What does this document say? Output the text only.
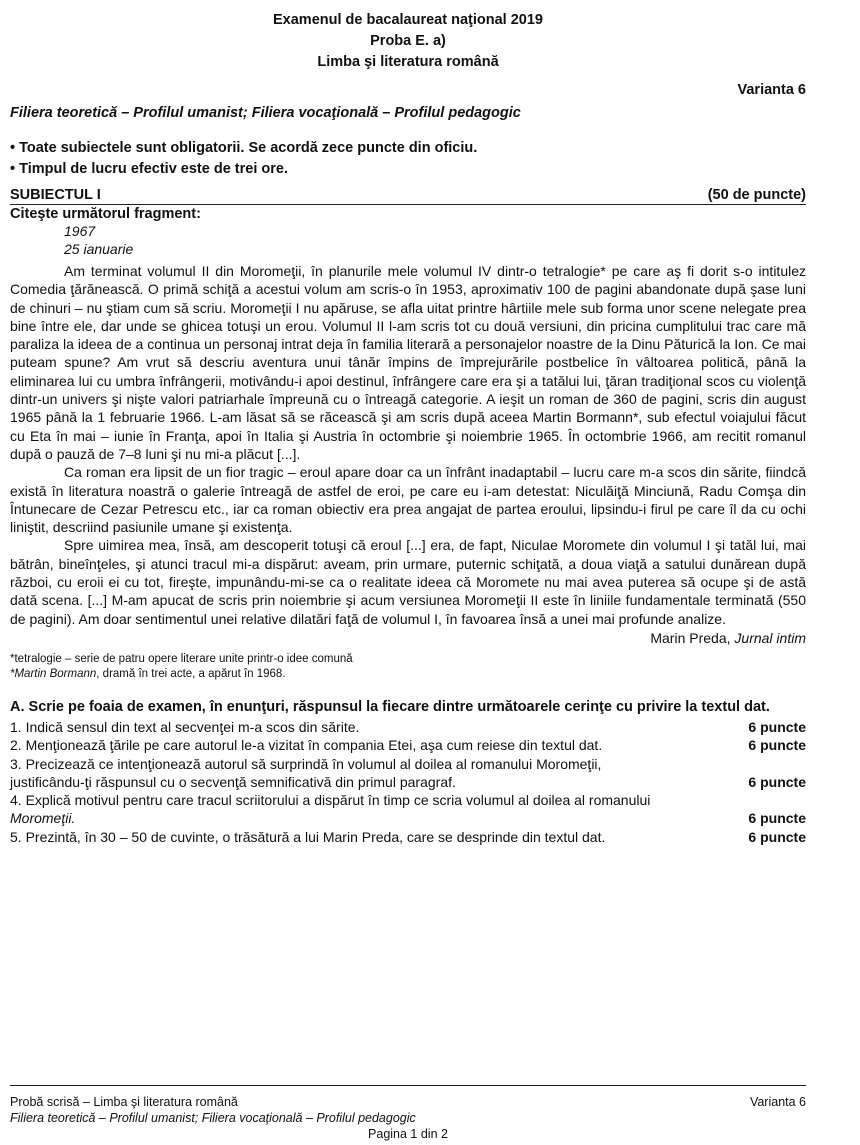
Examenul de bacalaureat naţional 2019
Proba E. a)
Limba şi literatura română
Varianta 6
Filiera teoretică – Profilul umanist; Filiera vocaţională – Profilul pedagogic
• Toate subiectele sunt obligatorii. Se acordă zece puncte din oficiu.
• Timpul de lucru efectiv este de trei ore.
SUBIECTUL I	(50 de puncte)
Citeşte următorul fragment:
1967
25 ianuarie

Am terminat volumul II din Moromeţii, în planurile mele volumul IV dintr-o tetralogie* pe care aş fi dorit s-o intitulez Comedia ţărănească. O primă schiţă a acestui volum am scris-o în 1953, aproximativ 100 de pagini abandonate după şase luni de chinuri – nu ştiam cum să scriu. Moromeţii I nu apăruse, se afla uitat printre hârtiile mele sub forma unor scene nelegate prea bine între ele, dar unde se ghicea totuşi un erou. Volumul II l-am scris tot cu două versiuni, din pricina cumplitului trac care mă paraliza la ideea de a continua un personaj intrat deja în familia literară a personajelor noastre de la Dinu Păturică la Ion. Ce mai puteam spune? Am vrut să descriu aventura unui tânăr împins de împrejurările postbelice în vâltoarea politică, până la eliminarea lui cu umbra înfrângerii, motivându-i apoi destinul, înfrângere care era şi a tatălui lui, ţăran tradiţional scos cu violenţă dintr-un univers şi nişte valori patriarhale împreună cu o întreagă categorie. A ieşit un roman de 360 de pagini, scris din august 1965 până la 1 februarie 1966. L-am lăsat să se răcească şi am scris după aceea Martin Bormann*, sub efectul voiajului făcut cu Eta în mai – iunie în Franţa, apoi în Italia şi Austria în octombrie şi noiembrie 1965. În octombrie 1966, am recitit romanul după o pauză de 7–8 luni şi nu mi-a plăcut [...].

Ca roman era lipsit de un fior tragic – eroul apare doar ca un înfrânt inadaptabil – lucru care m-a scos din sărite, fiindcă există în literatura noastră o galerie întreagă de astfel de eroi, pe care eu i-am detestat: Niculăiţă Minciună, Radu Comşa din Întunecare de Cezar Petrescu etc., iar ca roman obiectiv era prea angajat de partea eroului, lipsindu-i firul pe care îl da cu ochi liniştit, descriind pasiunile umane şi existenţa.

Spre uimirea mea, însă, am descoperit totuşi că eroul [...] era, de fapt, Niculae Moromete din volumul I şi tatăl lui, mai bătrân, bineînţeles, şi atunci tracul mi-a dispărut: aveam, prin urmare, puternic schiţată, a doua viaţă a satului dunărean după război, cu eroii ei cu tot, fireşte, impunându-mi-se ca o realitate ideea că Moromete nu mai avea puterea să ocupe şi de astă dată scena. [...] M-am apucat de scris prin noiembrie şi acum versiunea Moromeţii II este în liniile fundamentale terminată (550 de pagini). Am doar sentimentul unei relative dilatări faţă de volumul I, în favoarea însă a unei mai profunde analize.

Marin Preda, Jurnal intim
*tetralogie – serie de patru opere literare unite printr-o idee comună
*Martin Bormann, dramă în trei acte, a apărut în 1968.
A. Scrie pe foaia de examen, în enunţuri, răspunsul la fiecare dintre următoarele cerinţe cu privire la textul dat.
1. Indică sensul din text al secvenţei m-a scos din sărite.	6 puncte
2. Menţionează ţările pe care autorul le-a vizitat în compania Etei, aşa cum reiese din textul dat.	6 puncte
3. Precizează ce intenţionează autorul să surprindă în volumul al doilea al romanului Moromeţii,
justificându-ţi răspunsul cu o secvenţă semnificativă din primul paragraf.	6 puncte
4. Explică motivul pentru care tracul scriitorului a dispărut în timp ce scria volumul al doilea al romanului
Moromeţii.	6 puncte
5. Prezintă, în 30 – 50 de cuvinte, o trăsătură a lui Marin Preda, care se desprinde din textul dat.	6 puncte
Probă scrisă – Limba şi literatura română	Varianta 6
Filiera teoretică – Profilul umanist; Filiera vocaţională – Profilul pedagogic
Pagina 1 din 2
